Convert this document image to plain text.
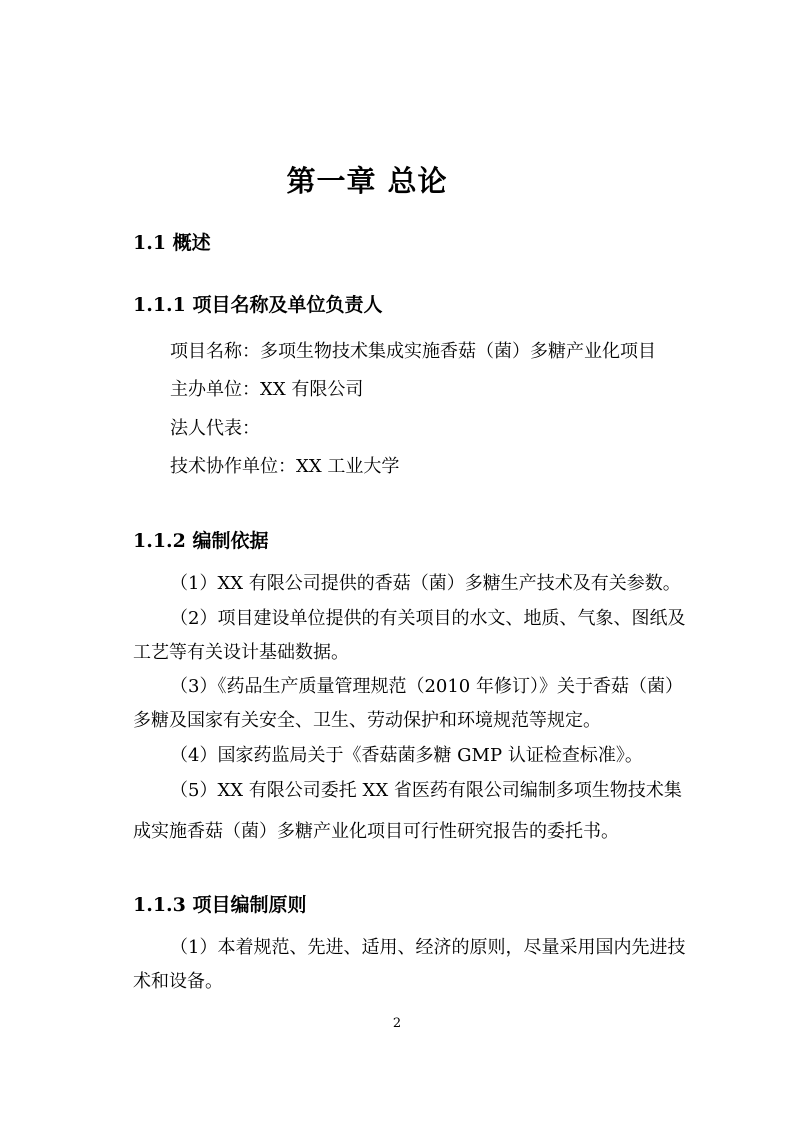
第一章 总论
1.1 概述
1.1.1 项目名称及单位负责人
项目名称：多项生物技术集成实施香菇（菌）多糖产业化项目
主办单位：XX 有限公司
法人代表：
技术协作单位：XX 工业大学
1.1.2 编制依据
（1）XX 有限公司提供的香菇（菌）多糖生产技术及有关参数。
（2）项目建设单位提供的有关项目的水文、地质、气象、图纸及
工艺等有关设计基础数据。
（3）《药品生产质量管理规范（2010 年修订）》关于香菇（菌）
多糖及国家有关安全、卫生、劳动保护和环境规范等规定。
（4）国家药监局关于《香菇菌多糖 GMP 认证检查标准》。
（5）XX 有限公司委托 XX 省医药有限公司编制多项生物技术集
成实施香菇（菌）多糖产业化项目可行性研究报告的委托书。
1.1.3 项目编制原则
（1）本着规范、先进、适用、经济的原则，尽量采用国内先进技
术和设备。
2
